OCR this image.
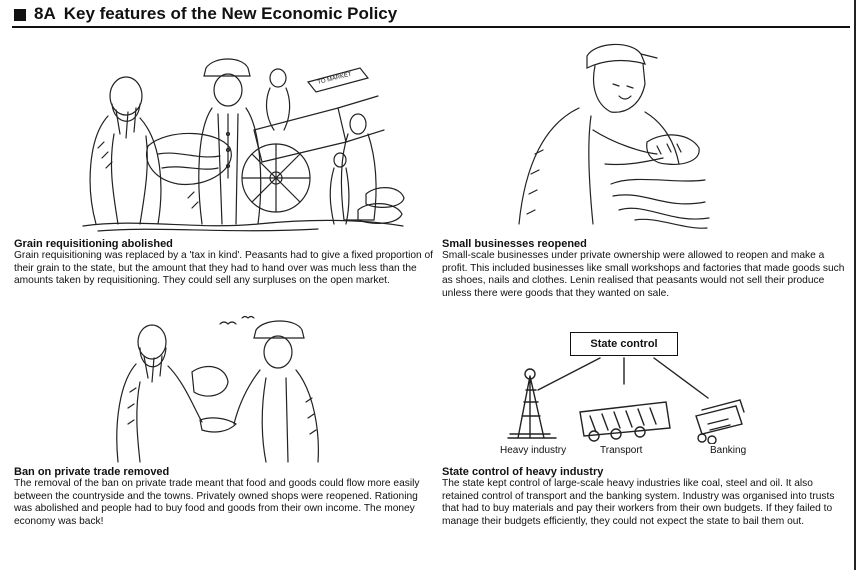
8A Key features of the New Economic Policy
TO MARKET
State control
Heavy industry	Transport	Banking
Grain requisitioning abolished
Grain requisitioning was replaced by a 'tax in kind'. Peasants had to give a fixed proportion of their grain to the state, but the amount that they had to hand over was much less than the amounts taken by requisitioning. They could sell any surpluses on the open market.
Small businesses reopened
Small-scale businesses under private ownership were allowed to reopen and make a profit. This included businesses like small workshops and factories that made goods such as shoes, nails and clothes. Lenin realised that peasants would not sell their produce unless there were goods that they wanted on sale.
Ban on private trade removed
The removal of the ban on private trade meant that food and goods could flow more easily between the countryside and the towns. Privately owned shops were reopened. Rationing was abolished and people had to buy food and goods from their own income. The money economy was back!
State control of heavy industry
The state kept control of large-scale heavy industries like coal, steel and oil. It also retained control of transport and the banking system. Industry was organised into trusts that had to buy materials and pay their workers from their own budgets. If they failed to manage their budgets efficiently, they could not expect the state to bail them out.
